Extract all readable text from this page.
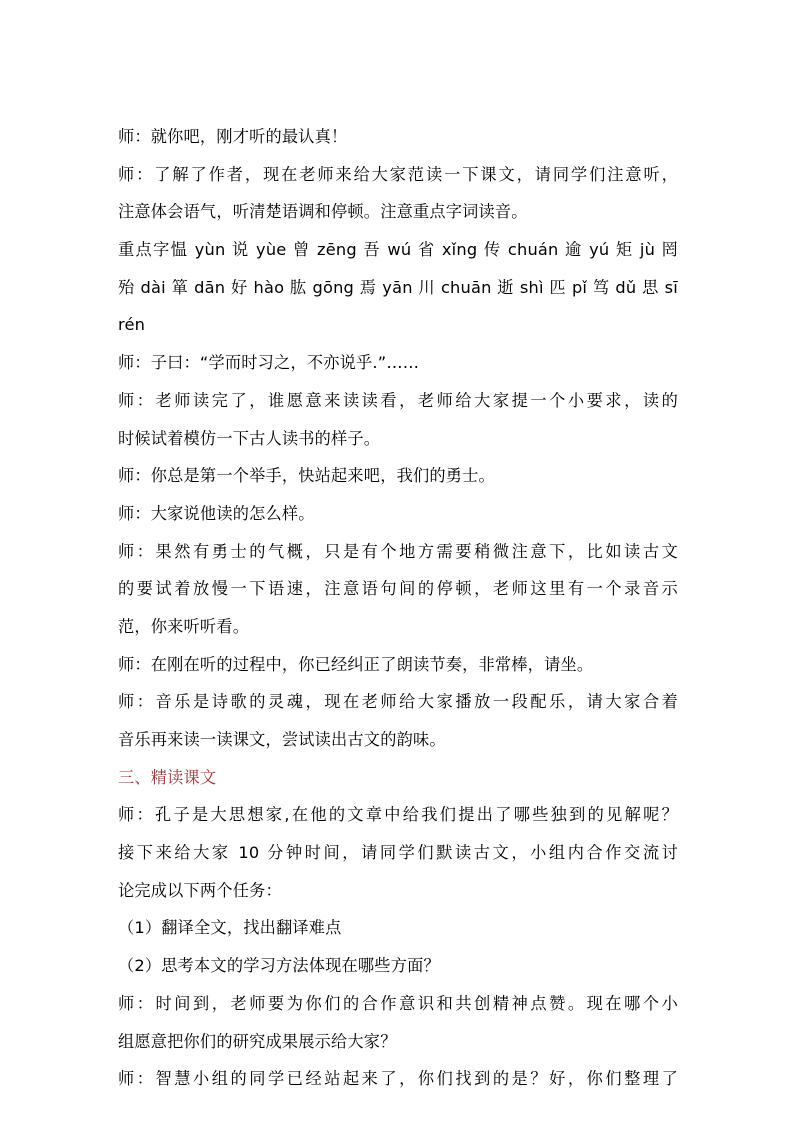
师：就你吧，刚才听的最认真！
师：了解了作者，现在老师来给大家范读一下课文，请同学们注意听，
注意体会语气，听清楚语调和停顿。注意重点字词读音。
重点字愠 yùn 说 yùe 曾 zēng 吾 wú 省 xǐng 传 chuán 逾 yú 矩 jù 罔
殆 dài 箪 dān 好 hào 肱 gōng 焉 yān 川 chuān 逝 shì 匹 pǐ 笃 dǔ 思 sī
rén
师：子曰：“学而时习之，不亦说乎.”……
师：老师读完了，谁愿意来读读看，老师给大家提一个小要求，读的
时候试着模仿一下古人读书的样子。
师：你总是第一个举手，快站起来吧，我们的勇士。
师：大家说他读的怎么样。
师：果然有勇士的气概，只是有个地方需要稍微注意下，比如读古文
的要试着放慢一下语速，注意语句间的停顿，老师这里有一个录音示
范，你来听听看。
师：在刚在听的过程中，你已经纠正了朗读节奏，非常棒，请坐。
师：音乐是诗歌的灵魂，现在老师给大家播放一段配乐，请大家合着
音乐再来读一读课文，尝试读出古文的韵味。
三、精读课文
师：孔子是大思想家,在他的文章中给我们提出了哪些独到的见解呢？
接下来给大家 10 分钟时间，请同学们默读古文，小组内合作交流讨
论完成以下两个任务：
（1）翻译全文，找出翻译难点
（2）思考本文的学习方法体现在哪些方面？
师：时间到，老师要为你们的合作意识和共创精神点赞。现在哪个小
组愿意把你们的研究成果展示给大家？
师：智慧小组的同学已经站起来了，你们找到的是？好，你们整理了
